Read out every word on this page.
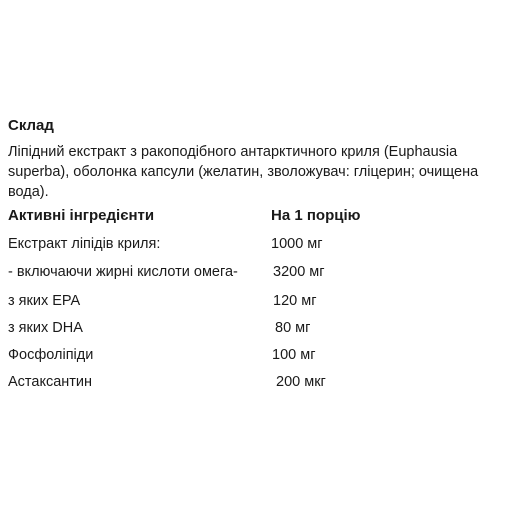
Склад
Ліпідний екстракт з ракоподібного антарктичного криля (Euphausia
superba), оболонка капсули (желатин, зволожувач: гліцерин; очищена
вода).
Активні інгредієнти	На 1 порцію
Екстракт ліпідів криля:	1000 мг
- включаючи жирні кислоти омега- 3200 мг
з яких EPA	120 мг
з яких DHA	80 мг
Фосфоліпіди	100 мг
Астаксантин	200 мкг
